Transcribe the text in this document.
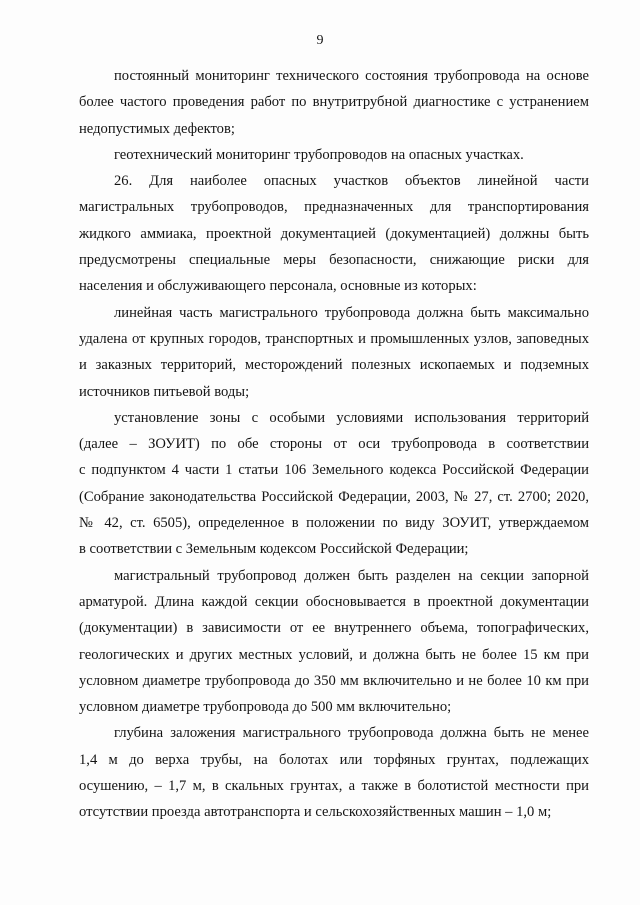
9
постоянный мониторинг технического состояния трубопровода на основе
более частого проведения работ по внутритрубной диагностике с устранением
недопустимых дефектов;
геотехнический мониторинг трубопроводов на опасных участках.
26. Для наиболее опасных участков объектов линейной части
магистральных трубопроводов, предназначенных для транспортирования
жидкого аммиака, проектной документацией (документацией) должны быть
предусмотрены специальные меры безопасности, снижающие риски для
населения и обслуживающего персонала, основные из которых:
линейная часть магистрального трубопровода должна быть максимально
удалена от крупных городов, транспортных и промышленных узлов, заповедных
и заказных территорий, месторождений полезных ископаемых и подземных
источников питьевой воды;
установление зоны с особыми условиями использования территорий
(далее – ЗОУИТ) по обе стороны от оси трубопровода в соответствии
с подпунктом 4 части 1 статьи 106 Земельного кодекса Российской Федерации
(Собрание законодательства Российской Федерации, 2003, № 27, ст. 2700; 2020,
№ 42, ст. 6505), определенное в положении по виду ЗОУИТ, утверждаемом
в соответствии с Земельным кодексом Российской Федерации;
магистральный трубопровод должен быть разделен на секции запорной
арматурой. Длина каждой секции обосновывается в проектной документации
(документации) в зависимости от ее внутреннего объема, топографических,
геологических и других местных условий, и должна быть не более 15 км при
условном диаметре трубопровода до 350 мм включительно и не более 10 км при
условном диаметре трубопровода до 500 мм включительно;
глубина заложения магистрального трубопровода должна быть не менее
1,4 м до верха трубы, на болотах или торфяных грунтах, подлежащих
осушению, – 1,7 м, в скальных грунтах, а также в болотистой местности при
отсутствии проезда автотранспорта и сельскохозяйственных машин – 1,0 м;
